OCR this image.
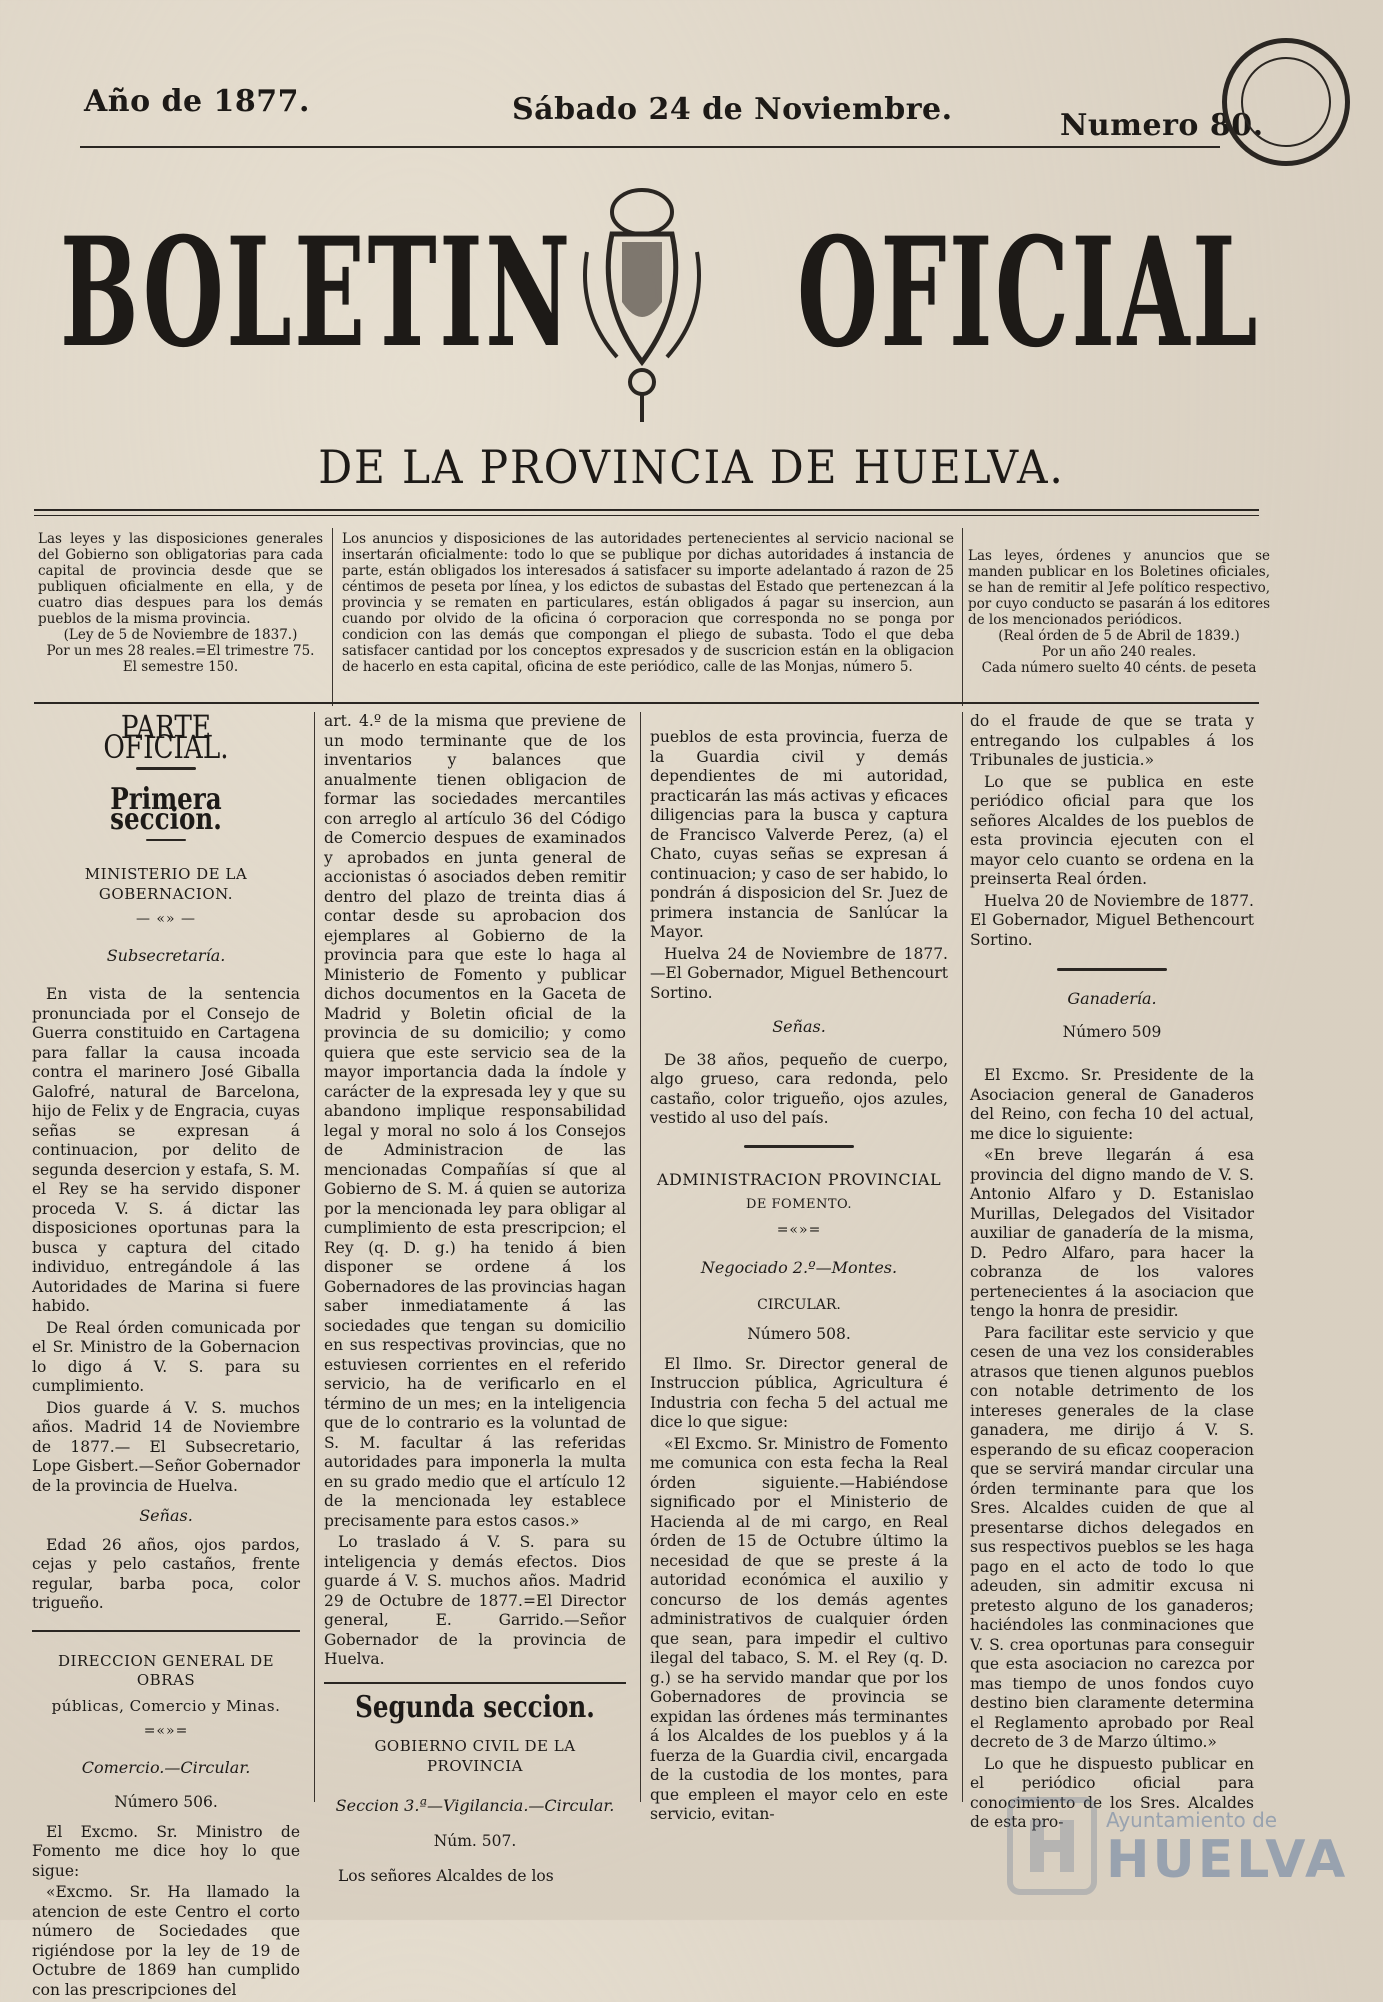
Año de 1877.	Sábado 24 de Noviembre.	Numero 80.
BOLETIN OFICIAL
DE LA PROVINCIA DE HUELVA.

Las leyes y las disposiciones generales del Gobierno son obligatorias para cada capital de provincia desde que se publiquen oficialmente en ella, y de cuatro dias despues para los demás pueblos de la misma provincia.

(Ley de 5 de Noviembre de 1837.)

Por un mes 28 reales.=El trimestre 75.

El semestre 150.

Los anuncios y disposiciones de las autoridades pertenecientes al servicio nacional se insertarán oficialmente: todo lo que se publique por dichas autoridades á instancia de parte, están obligados los interesados á satisfacer su importe adelantado á razon de 25 céntimos de peseta por línea, y los edictos de subastas del Estado que pertenezcan á la provincia y se rematen en particulares, están obligados á pagar su insercion, aun cuando por olvido de la oficina ó corporacion que corresponda no se ponga por condicion con las demás que compongan el pliego de subasta. Todo el que deba satisfacer cantidad por los conceptos expresados y de suscricion están en la obligacion de hacerlo en esta capital, oficina de este periódico, calle de las Monjas, número 5.

Las leyes, órdenes y anuncios que se manden publicar en los Boletines oficiales, se han de remitir al Jefe político respectivo, por cuyo conducto se pasarán á los editores de los mencionados periódicos.

(Real órden de 5 de Abril de 1839.)

Por un año 240 reales.

Cada número suelto 40 cénts. de peseta

PARTE OFICIAL.
Primera seccion.
MINISTERIO DE LA GOBERNACION.
— «» —
Subsecretaría.

En vista de la sentencia pronunciada por el Consejo de Guerra constituido en Cartagena para fallar la causa incoada contra el marinero José Giballa Galofré, natural de Barcelona, hijo de Felix y de Engracia, cuyas señas se expresan á continuacion, por delito de segunda desercion y estafa, S. M. el Rey se ha servido disponer proceda V. S. á dictar las disposiciones oportunas para la busca y captura del citado individuo, entregándole á las Autoridades de Marina si fuere habido.

De Real órden comunicada por el Sr. Ministro de la Gobernacion lo digo á V. S. para su cumplimiento.

Dios guarde á V. S. muchos años. Madrid 14 de Noviembre de 1877.— El Subsecretario, Lope Gisbert.—Señor Gobernador de la provincia de Huelva.

Señas.

Edad 26 años, ojos pardos, cejas y pelo castaños, frente regular, barba poca, color trigueño.

DIRECCION GENERAL DE OBRAS
públicas, Comercio y Minas.
=«»=
Comercio.—Circular.
Número 506.

El Excmo. Sr. Ministro de Fomento me dice hoy lo que sigue:

«Excmo. Sr. Ha llamado la atencion de este Centro el corto número de Sociedades que rigiéndose por la ley de 19 de Octubre de 1869 han cumplido con las prescripciones del

art. 4.º de la misma que previene de un modo terminante que de los inventarios y balances que anualmente tienen obligacion de formar las sociedades mercantiles con arreglo al artículo 36 del Código de Comercio despues de examinados y aprobados en junta general de accionistas ó asociados deben remitir dentro del plazo de treinta dias á contar desde su aprobacion dos ejemplares al Gobierno de la provincia para que este lo haga al Ministerio de Fomento y publicar dichos documentos en la Gaceta de Madrid y Boletin oficial de la provincia de su domicilio; y como quiera que este servicio sea de la mayor importancia dada la índole y carácter de la expresada ley y que su abandono implique responsabilidad legal y moral no solo á los Consejos de Administracion de las mencionadas Compañías sí que al Gobierno de S. M. á quien se autoriza por la mencionada ley para obligar al cumplimiento de esta prescripcion; el Rey (q. D. g.) ha tenido á bien disponer se ordene á los Gobernadores de las provincias hagan saber inmediatamente á las sociedades que tengan su domicilio en sus respectivas provincias, que no estuviesen corrientes en el referido servicio, ha de verificarlo en el término de un mes; en la inteligencia que de lo contrario es la voluntad de S. M. facultar á las referidas autoridades para imponerla la multa en su grado medio que el artículo 12 de la mencionada ley establece precisamente para estos casos.»

Lo traslado á V. S. para su inteligencia y demás efectos. Dios guarde á V. S. muchos años. Madrid 29 de Octubre de 1877.=El Director general, E. Garrido.—Señor Gobernador de la provincia de Huelva.

Segunda seccion.
GOBIERNO CIVIL DE LA PROVINCIA
Seccion 3.ª—Vigilancia.—Circular.
Núm. 507.

Los señores Alcaldes de los

pueblos de esta provincia, fuerza de la Guardia civil y demás dependientes de mi autoridad, practicarán las más activas y eficaces diligencias para la busca y captura de Francisco Valverde Perez, (a) el Chato, cuyas señas se expresan á continuacion; y caso de ser habido, lo pondrán á disposicion del Sr. Juez de primera instancia de Sanlúcar la Mayor.

Huelva 24 de Noviembre de 1877.—El Gobernador, Miguel Bethencourt Sortino.

Señas.

De 38 años, pequeño de cuerpo, algo grueso, cara redonda, pelo castaño, color trigueño, ojos azules, vestido al uso del país.

ADMINISTRACION PROVINCIAL
DE FOMENTO.
=«»=
Negociado 2.º—Montes.
CIRCULAR.
Número 508.

El Ilmo. Sr. Director general de Instruccion pública, Agricultura é Industria con fecha 5 del actual me dice lo que sigue:

«El Excmo. Sr. Ministro de Fomento me comunica con esta fecha la Real órden siguiente.—Habiéndose significado por el Ministerio de Hacienda al de mi cargo, en Real órden de 15 de Octubre último la necesidad de que se preste á la autoridad económica el auxilio y concurso de los demás agentes administrativos de cualquier órden que sean, para impedir el cultivo ilegal del tabaco, S. M. el Rey (q. D. g.) se ha servido mandar que por los Gobernadores de provincia se expidan las órdenes más terminantes á los Alcaldes de los pueblos y á la fuerza de la Guardia civil, encargada de la custodia de los montes, para que empleen el mayor celo en este servicio, evitan-

do el fraude de que se trata y entregando los culpables á los Tribunales de justicia.»

Lo que se publica en este periódico oficial para que los señores Alcaldes de los pueblos de esta provincia ejecuten con el mayor celo cuanto se ordena en la preinserta Real órden.

Huelva 20 de Noviembre de 1877. El Gobernador, Miguel Bethencourt Sortino.

Ganadería.
Número 509

El Excmo. Sr. Presidente de la Asociacion general de Ganaderos del Reino, con fecha 10 del actual, me dice lo siguiente:

«En breve llegarán á esa provincia del digno mando de V. S. Antonio Alfaro y D. Estanislao Murillas, Delegados del Visitador auxiliar de ganadería de la misma, D. Pedro Alfaro, para hacer la cobranza de los valores pertenecientes á la asociacion que tengo la honra de presidir.

Para facilitar este servicio y que cesen de una vez los considerables atrasos que tienen algunos pueblos con notable detrimento de los intereses generales de la clase ganadera, me dirijo á V. S. esperando de su eficaz cooperacion que se servirá mandar circular una órden terminante para que los Sres. Alcaldes cuiden de que al presentarse dichos delegados en sus respectivos pueblos se les haga pago en el acto de todo lo que adeuden, sin admitir excusa ni pretesto alguno de los ganaderos; haciéndoles las conminaciones que V. S. crea oportunas para conseguir que esta asociacion no carezca por mas tiempo de unos fondos cuyo destino bien claramente determina el Reglamento aprobado por Real decreto de 3 de Marzo último.»

Lo que he dispuesto publicar en el periódico oficial para conocimiento de los Sres. Alcaldes de esta pro-	Ayuntamiento de
HUELVA
